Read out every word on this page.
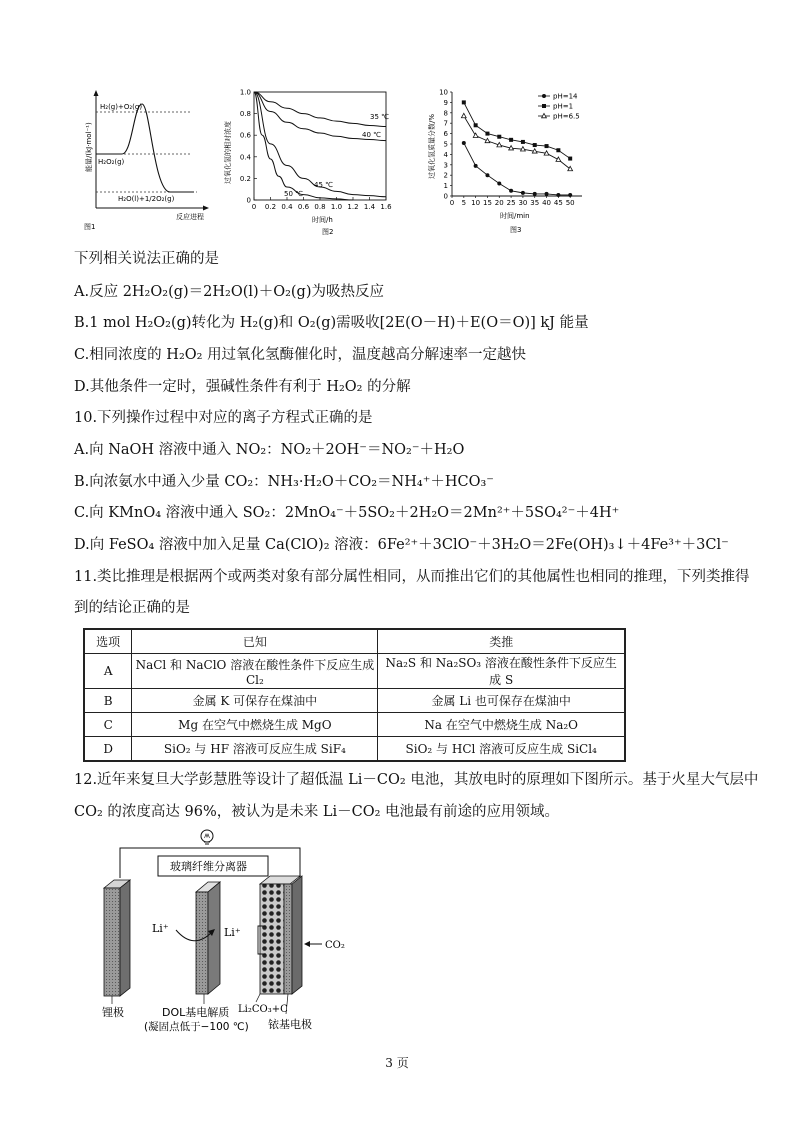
H₂(g)+O₂(g)
H₂O₂(g)
H₂O(l)+1/2O₂(g)
反应进程
能量/(kJ·mol⁻¹)
图1
0 0.2 0.4 0.6 0.8 1.0 1.2 1.4 1.6
0
0.2
0.4
0.6
0.8
1.0
35 ℃
40 ℃
45 ℃
50 ℃
过氧化氢的相对浓度
时间/h
图2
0 5 10 15 20 25 30 35 40 45 50
0
1
2
3
4
5
6
7
8
9
10	pH=14
pH=1
pH=6.5
过氧化氢质量分数/%
时间/min
图3
下列相关说法正确的是
A.反应 2H₂O₂(g)＝2H₂O(l)＋O₂(g)为吸热反应
B.1 mol H₂O₂(g)转化为 H₂(g)和 O₂(g)需吸收[2E(O－H)＋E(O＝O)] kJ 能量
C.相同浓度的 H₂O₂ 用过氧化氢酶催化时，温度越高分解速率一定越快
D.其他条件一定时，强碱性条件有利于 H₂O₂ 的分解
10.下列操作过程中对应的离子方程式正确的是
A.向 NaOH 溶液中通入 NO₂：NO₂＋2OH⁻＝NO₂⁻＋H₂O
B.向浓氨水中通入少量 CO₂：NH₃·H₂O＋CO₂＝NH₄⁺＋HCO₃⁻
C.向 KMnO₄ 溶液中通入 SO₂：2MnO₄⁻＋5SO₂＋2H₂O＝2Mn²⁺＋5SO₄²⁻＋4H⁺
D.向 FeSO₄ 溶液中加入足量 Ca(ClO)₂ 溶液：6Fe²⁺＋3ClO⁻＋3H₂O＝2Fe(OH)₃↓＋4Fe³⁺＋3Cl⁻
11.类比推理是根据两个或两类对象有部分属性相同，从而推出它们的其他属性也相同的推理，下列类推得
到的结论正确的是
选项	已知	类推
A	NaCl 和 NaClO 溶液在酸性条件下反应生成 Cl₂	Na₂S 和 Na₂SO₃ 溶液在酸性条件下反应生成 S
B	金属 K 可保存在煤油中	金属 Li 也可保存在煤油中
C	Mg 在空气中燃烧生成 MgO	Na 在空气中燃烧生成 Na₂O
D	SiO₂ 与 HF 溶液可反应生成 SiF₄	SiO₂ 与 HCl 溶液可反应生成 SiCl₄
12.近年来复旦大学彭慧胜等设计了超低温 Li－CO₂ 电池，其放电时的原理如下图所示。基于火星大气层中
CO₂ 的浓度高达 96%，被认为是未来 Li－CO₂ 电池最有前途的应用领域。
玻璃纤维分离器
Li⁺	Li⁺
CO₂
锂极	DOL基电解质
(凝固点低于−100 ℃)
Li₂CO₃+C
铱基电极
3 页
